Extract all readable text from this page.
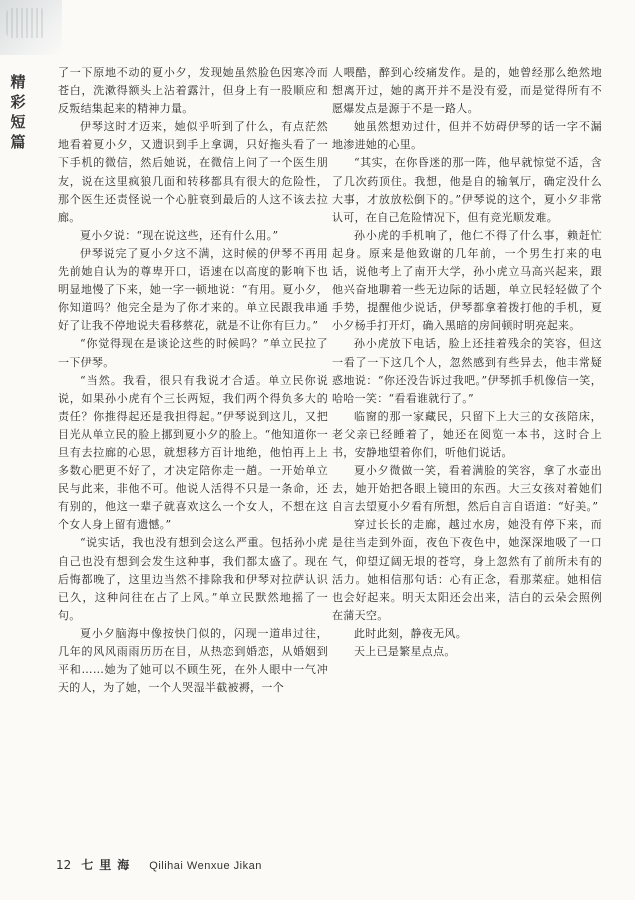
精
彩
短
篇

了一下原地不动的夏小夕，发现她虽然脸色因寒冷而苍白，洗漱得额头上沾着露汁，但身上有一股顺应和反叛结集起来的精神力量。

伊琴这时才迈来，她似乎听到了什么，有点茫然地看着夏小夕，又遗识到手上拿调，只好拖头看了一下手机的微信，然后她说，在微信上问了一个医生朋友，说在这里疯狼几面和转移都具有很大的危险性，那个医生还责怪说一个心脏衰到最后的人这不该去拉廊。

夏小夕说：“现在说这些，还有什么用。”

伊琴说完了夏小夕这不满，这时候的伊琴不再用先前她自认为的尊卑开口，语速在以高度的影响下也明显地慢了下来，她一字一顿地说：“有用。夏小夕，你知道吗？他完全是为了你才来的。单立民跟我串通好了让我不停地说夫看移蔡花，就是不让你有巨力。”

“你觉得现在是谈论这些的时候吗？”单立民拉了一下伊琴。

“当然。我看，很只有我说才合适。单立民你说说，如果孙小虎有个三长两短，我们两个得负多大的责任？你推得起还是我担得起。”伊琴说到这儿，又把目光从单立民的脸上挪到夏小夕的脸上。“他知道你一旦有去拉廊的心思，就想移方百计地绝，他怕再上上多数心肥更不好了，才决定陪你走一趟。一开始单立民与此来，非他不可。他说人活得不只是一条命，还有别的，他这一辈子就喜欢这么一个女人，不想在这个女人身上留有遗憾。”

“说实话，我也没有想到会这么严重。包括孙小虎自己也没有想到会发生这种事，我们都太盛了。现在后悔都晚了，这里边当然不排除我和伊琴对拉萨认识已久，这种问往在占了上风。”单立民默然地摇了一句。

夏小夕脑海中像按快门似的，闪现一道串过往，几年的风风雨雨历历在目，从热恋到婚恋，从婚姻到平和……她为了她可以不顾生死，在外人眼中一气冲天的人，为了她，一个人哭湿半截被褥，一个

人喂酷，醉到心绞痛发作。是的，她曾经那么绝然地想离开过，她的离开并不是没有爱，而是觉得所有不愿爆发点是源于不是一路人。

她虽然想劝过什，但并不妨碍伊琴的话一字不漏地渗进她的心里。

“其实，在你昏迷的那一阵，他早就惊觉不适，含了几次药顶住。我想，他是自的输氧厅，确定没什么大事，才放放松倒下的。”伊琴说的这个，夏小夕非常认可，在自己危险情况下，但有竞光顺发难。

孙小虎的手机响了，他仁不得了什么事，赖赶忙起身。原来是他致谢的几年前，一个男生打来的电话，说他考上了南开大学，孙小虎立马高兴起来，跟他兴奋地聊着一些无边际的话题，单立民轻轻做了个手势，提醒他少说话，伊琴都拿着拨打他的手机，夏小夕杨手打开灯，确入黑暗的房间顿时明亮起来。

孙小虎放下电话，脸上还挂着残余的笑容，但这一看了一下这几个人，忽然感到有些异去，他丰常疑惑地说：“你还没告诉过我吧。”伊琴抓手机像信一笑，哈哈一笑：“看看谁就行了。”

临窗的那一家藏民，只留下上大三的女孩陪床，老父亲已经睡着了，她还在阅览一本书，这时合上书，安静地望着你们，听他们说话。

夏小夕微做一笑，看着满脸的笑容，拿了水壶出去，她开始把各眼上镜田的东西。大三女孩对着她们自言去望夏小夕看有所想，然后自言自语道：“好美。”

穿过长长的走廊，越过水房，她没有停下来，而是往当走到外面，夜色下夜色中，她深深地吸了一口气，仰望辽阔无垠的苍穹，身上忽然有了前所未有的活力。她相信那句话：心有正念，看那菜症。她相信也会好起来。明天太阳还会出来，洁白的云朵会照例在蒲天空。

此时此刻，静夜无风。

天上已是繁星点点。

12 七里海 Qilihai Wenxue Jikan
